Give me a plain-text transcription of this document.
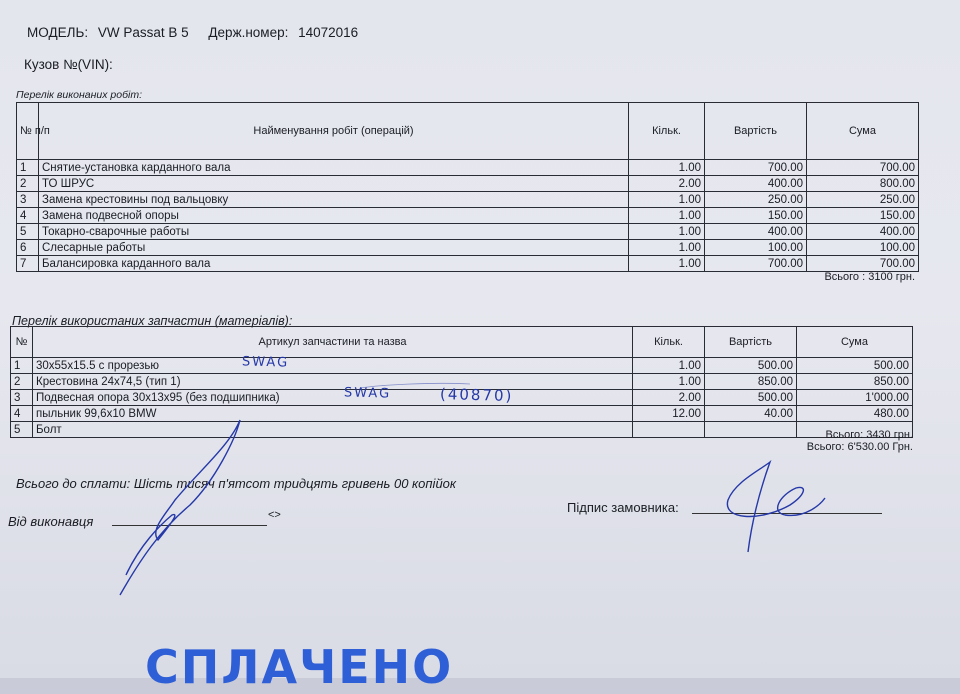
МОДЕЛЬ: VW Passat B 5 Держ.номер: 14072016
Кузов №(VIN):
Перелік виконаних робіт:
№ п/п	Найменування робіт (операцій)	Кільк.	Вартість	Сума
1	Снятие-установка карданного вала	1.00	700.00	700.00
2	ТО ШРУС	2.00	400.00	800.00
3	Замена крестовины под вальцовку	1.00	250.00	250.00
4	Замена подвесной опоры	1.00	150.00	150.00
5	Токарно-сварочные работы	1.00	400.00	400.00
6	Слесарные работы	1.00	100.00	100.00
7	Балансировка карданного вала	1.00	700.00	700.00
Всього : 3100 грн.
Перелік використаних запчастин (матеріалів):
№	Артикул запчастини та назва	Кільк.	Вартість	Сума
1	30х55х15.5 с прорезью	1.00	500.00	500.00
2	Крестовина 24х74,5 (тип 1)	1.00	850.00	850.00
3	Подвесная опора 30х13х95 (без подшипника)	2.00	500.00	1'000.00
4	пыльник 99,6х10 BMW	12.00	40.00	480.00
5	Болт				Всього: 3430 грн.
Всього: 6'530.00 Грн.
SWAG
SWAG	(40870)
Всього до сплати: Шість тисяч п'ятсот тридцять гривень 00 копійок
Від виконавця	<>	Підпис замовника:
СПЛАЧЕНО
